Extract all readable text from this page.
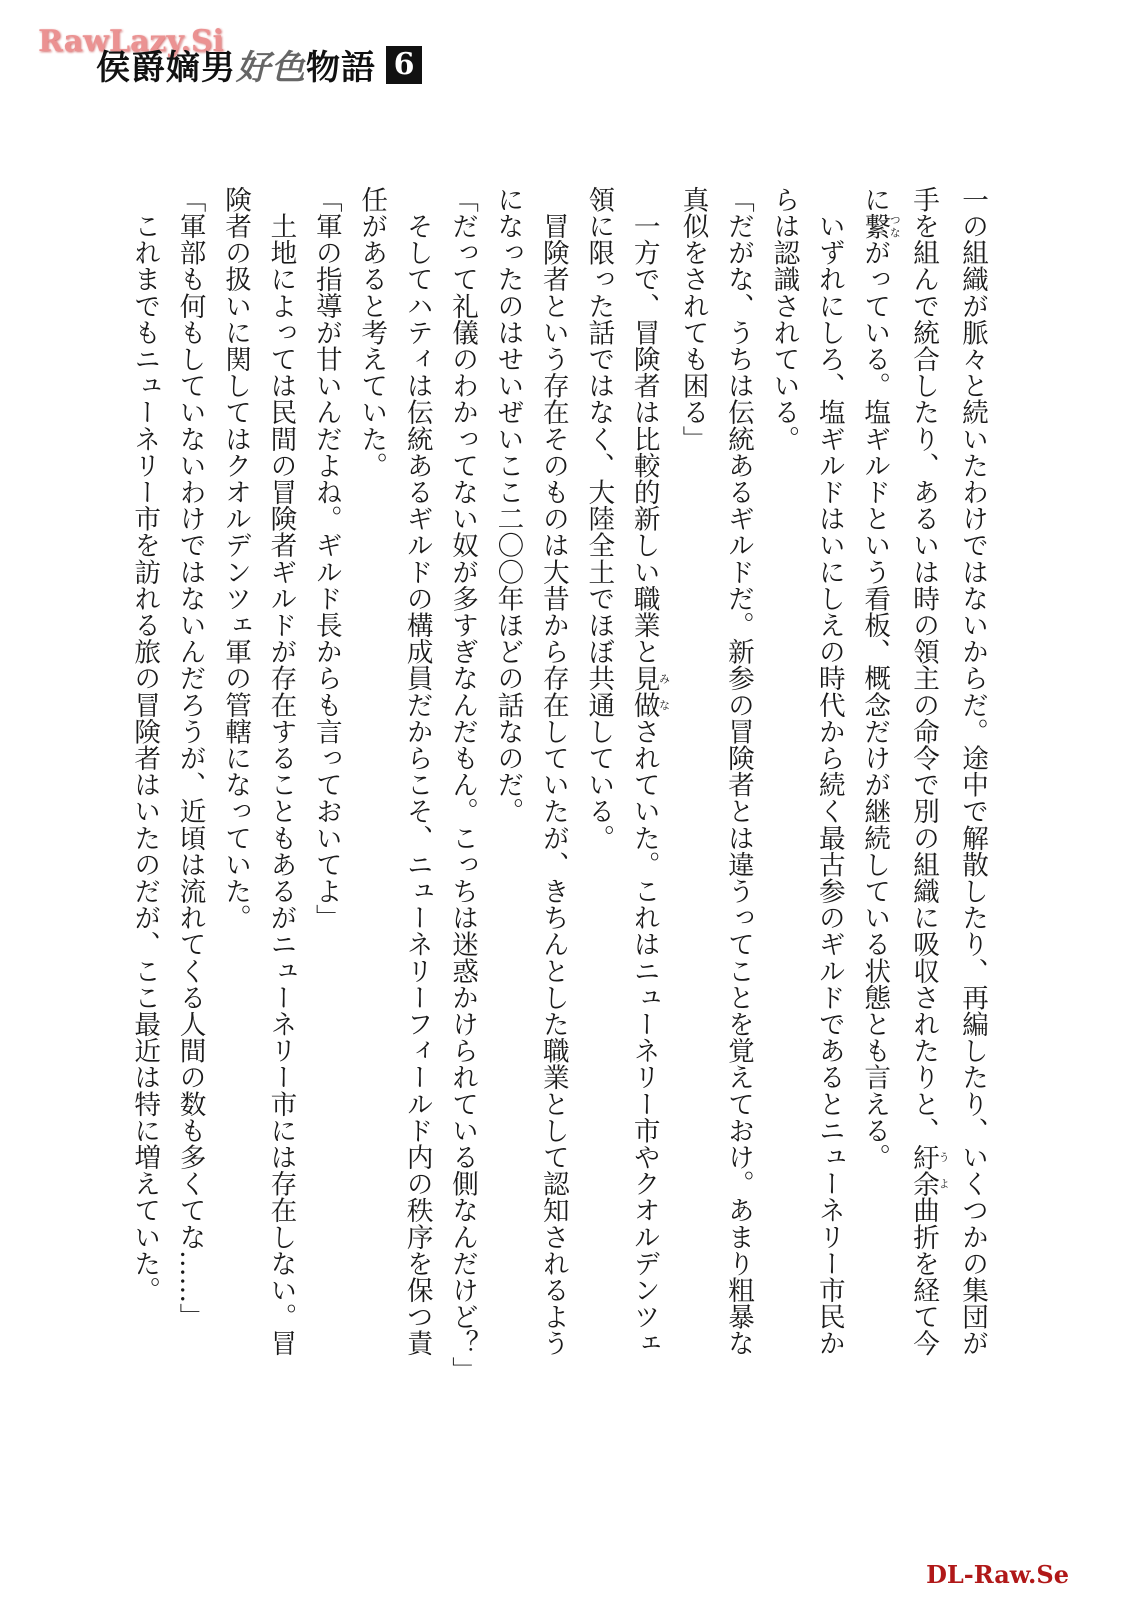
RawLazy.Si
侯爵嫡男好色物語 6
一の組織が脈々と続いたわけではないからだ。途中で解散したり、再編したり、いくつかの集団が
手を組んで統合したり、あるいは時の領主の命令で別の組織に吸収されたりと、紆余うよ曲折を経て今
に繋つながっている。塩ギルドという看板、概念だけが継続している状態とも言える。
　いずれにしろ、塩ギルドはいにしえの時代から続く最古参のギルドであるとニューネリー市民か
らは認識されている。
「だがな、うちは伝統あるギルドだ。新参の冒険者とは違うってことを覚えておけ。あまり粗暴な
真似をされても困る」
　一方で、冒険者は比較的新しい職業と見做みなされていた。これはニューネリー市やクオルデンツェ
領に限った話ではなく、大陸全土でほぼ共通している。
　冒険者という存在そのものは大昔から存在していたが、きちんとした職業として認知されるよう
になったのはせいぜいここ二〇〇年ほどの話なのだ。
「だって礼儀のわかってない奴が多すぎなんだもん。こっちは迷惑かけられている側なんだけど？」
　そしてハティは伝統あるギルドの構成員だからこそ、ニューネリーフィールド内の秩序を保つ責
任があると考えていた。
「軍の指導が甘いんだよね。ギルド長からも言っておいてよ」
　土地によっては民間の冒険者ギルドが存在することもあるがニューネリー市には存在しない。冒
険者の扱いに関してはクオルデンツェ軍の管轄になっていた。
「軍部も何もしていないわけではないんだろうが、近頃は流れてくる人間の数も多くてな……」
　これまでもニューネリー市を訪れる旅の冒険者はいたのだが、ここ最近は特に増えていた。
DL-Raw.Se
